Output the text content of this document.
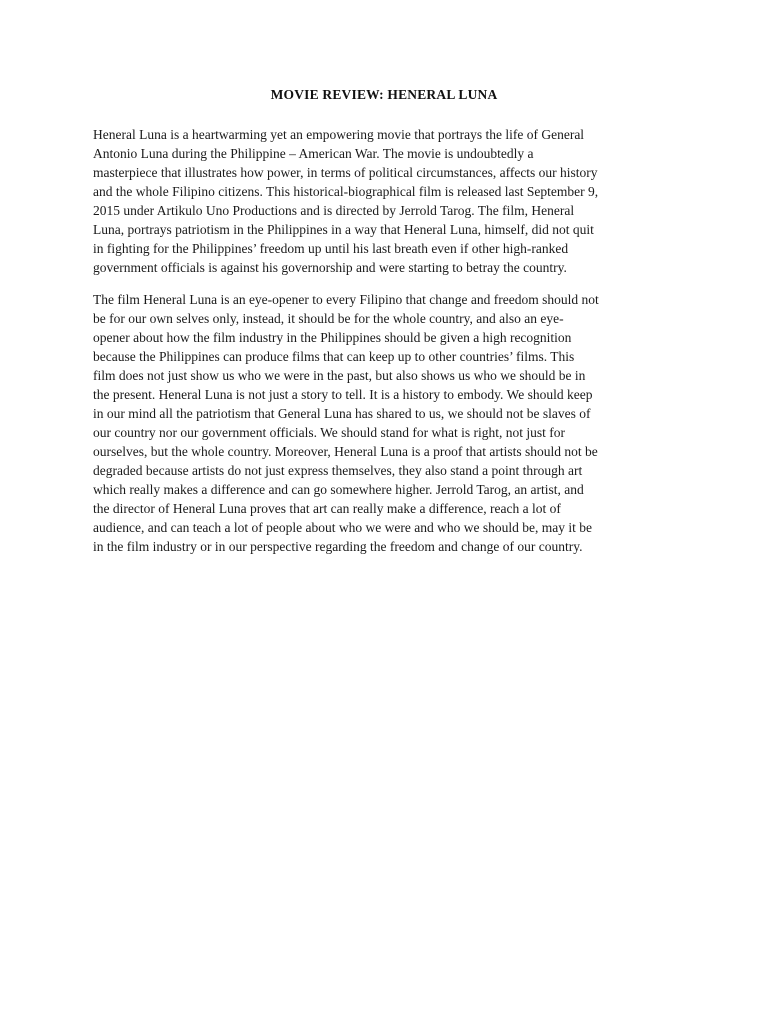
MOVIE REVIEW: HENERAL LUNA

Heneral Luna is a heartwarming yet an empowering movie that portrays the life of General
Antonio Luna during the Philippine – American War. The movie is undoubtedly a
masterpiece that illustrates how power, in terms of political circumstances, affects our history
and the whole Filipino citizens. This historical-biographical film is released last September 9,
2015 under Artikulo Uno Productions and is directed by Jerrold Tarog. The film, Heneral
Luna, portrays patriotism in the Philippines in a way that Heneral Luna, himself, did not quit
in fighting for the Philippines’ freedom up until his last breath even if other high-ranked
government officials is against his governorship and were starting to betray the country.

The film Heneral Luna is an eye-opener to every Filipino that change and freedom should not
be for our own selves only, instead, it should be for the whole country, and also an eye-
opener about how the film industry in the Philippines should be given a high recognition
because the Philippines can produce films that can keep up to other countries’ films. This
film does not just show us who we were in the past, but also shows us who we should be in
the present. Heneral Luna is not just a story to tell. It is a history to embody. We should keep
in our mind all the patriotism that General Luna has shared to us, we should not be slaves of
our country nor our government officials. We should stand for what is right, not just for
ourselves, but the whole country. Moreover, Heneral Luna is a proof that artists should not be
degraded because artists do not just express themselves, they also stand a point through art
which really makes a difference and can go somewhere higher. Jerrold Tarog, an artist, and
the director of Heneral Luna proves that art can really make a difference, reach a lot of
audience, and can teach a lot of people about who we were and who we should be, may it be
in the film industry or in our perspective regarding the freedom and change of our country.
